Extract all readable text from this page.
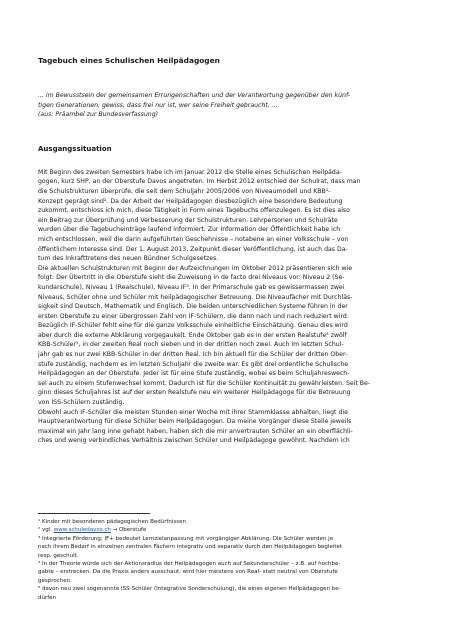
Tagebuch eines Schulischen Heilpädagogen
... im Bewusstsein der gemeinsamen Errungenschaften und der Verantwortung gegenüber den künf-
tigen Generationen, gewiss, dass frei nur ist, wer seine Freiheit gebraucht, ...
(aus: Präambel zur Bundesverfassung)
Ausgangssituation
Mit Beginn des zweiten Semesters habe ich im Januar 2012 die Stelle eines Schulischen Heilpäda-
gogen, kurz SHP, an der Oberstufe Davos angetreten. Im Herbst 2012 entschied der Schulrat, dass man
die Schulstrukturen überprüfe, die seit dem Schuljahr 2005/2006 von Niveaumodell und KBB¹-
Konzept geprägt sind². Da der Arbeit der Heilpädagogen diesbezüglich eine besondere Bedeutung
zukommt, entschloss ich mich, diese Tätigkeit in Form eines Tagebuchs offenzulegen. Es ist dies also
ein Beitrag zur Überprüfung und Verbesserung der Schulstrukturen. Lehrpersonen und Schulräte
wurden über die Tagebucheinträge laufend informiert. Zur Information der Öffentlichkeit habe ich
mich entschlossen, weil die darin aufgeführten Geschehnisse – notabene an einer Volksschule – von
öffentlichem Interesse sind. Der 1. August 2013, Zeitpunkt dieser Veröffentlichung, ist auch das Da-
tum des Inkrafttretens des neuen Bündner Schulgesetzes.
Die aktuellen Schulstrukturen mit Beginn der Aufzeichnungen im Oktober 2012 präsentieren sich wie
folgt: Der Übertritt in die Oberstufe sieht die Zuweisung in de facto drei Niveaus vor: Niveau 2 (Se-
kundarschule), Niveau 1 (Realschule), Niveau IF³. In der Primarschule gab es gewissermassen zwei
Niveaus, Schüler ohne und Schüler mit heilpädagogischer Betreuung. Die Niveaufächer mit Durchläs-
sigkeit sind Deutsch, Mathematik und Englisch. Die beiden unterschiedlichen Systeme führen in der
ersten Oberstufe zu einer übergrossen Zahl von IF-Schülern, die dann nach und nach reduziert wird.
Bezüglich IF-Schüler fehlt eine für die ganze Volksschule einheitliche Einschätzung. Genau dies wird
aber durch die externe Abklärung vorgegaukelt. Ende Oktober gab es in der ersten Realstufe⁴ zwölf
KBB-Schüler⁵, in der zweiten Real noch sieben und in der dritten noch zwei. Auch im letzten Schul-
jahr gab es nur zwei KBB-Schüler in der dritten Real. Ich bin aktuell für die Schüler der dritten Ober-
stufe zuständig, nachdem es im letzten Schuljahr die zweite war. Es gibt drei ordentliche Schulische
Heilpädagogen an der Oberstufe. Jeder ist für eine Stufe zuständig, wobei es beim Schuljahreswech-
sel auch zu einem Stufenwechsel kommt. Dadurch ist für die Schüler Kontinuität zu gewährleisten. Seit Be-
ginn dieses Schuljahres ist auf der ersten Realstufe neu ein weiterer Heilpädagoge für die Betreuung
von ISS-Schülern zuständig.
Obwohl auch IF-Schüler die meisten Stunden einer Woche mit ihrer Stammklasse abhalten, liegt die
Hauptverantwortung für diese Schüler beim Heilpädagogen. Da meine Vorgänger diese Stelle jeweils
maximal ein Jahr lang inne gehabt haben, haben sich die mir anvertrauten Schüler an ein oberflächli-
ches und wenig verbindliches Verhältnis zwischen Schüler und Heilpädagoge gewöhnt. Nachdem ich
¹ Kinder mit besonderen pädagogischen Bedürfnissen
² vgl. www.schuledavos.ch → Oberstufe
³ Integrierte Förderung; IF+ bedeutet Lernzielanpassung mit vorgängiger Abklärung. Die Schüler werden je
nach ihrem Bedarf in einzelnen zentralen Fächern integrativ und separativ durch den Heilpädagogen begleitet
resp. geschult.
⁴ In der Theorie würde sich der Aktionsradius der Heilpädagogen auch auf Sekundarschüler – z.B. auf hochbe-
gabte – erstrecken. Da die Praxis anders ausschaut, wird hier meistens von Real- statt neutral von Oberstufe
gesprochen.
⁵ davon neu zwei sogenannte ISS-Schüler (Integrative Sonderschulung), die eines eigenen Heilpädagogen be-
dürfen
